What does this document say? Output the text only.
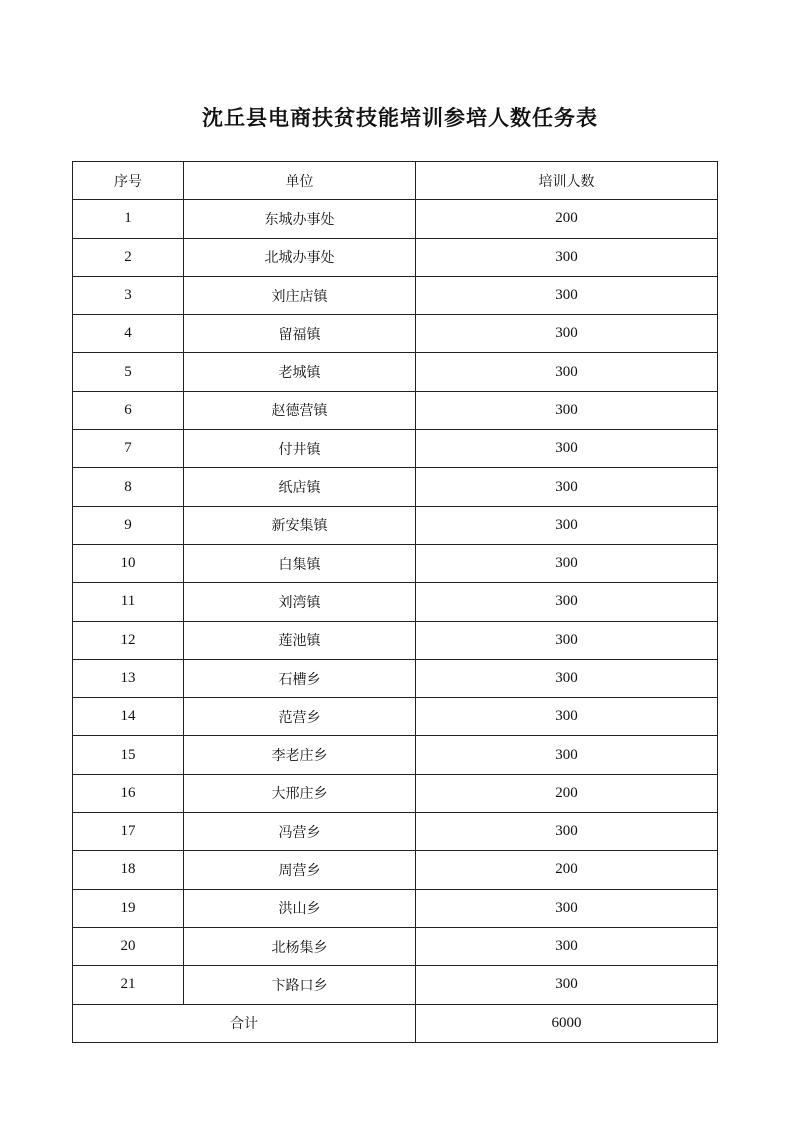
沈丘县电商扶贫技能培训参培人数任务表
序号	单位	培训人数
1	东城办事处	200
2	北城办事处	300
3	刘庄店镇	300
4	留福镇	300
5	老城镇	300
6	赵德营镇	300
7	付井镇	300
8	纸店镇	300
9	新安集镇	300
10	白集镇	300
11	刘湾镇	300
12	莲池镇	300
13	石槽乡	300
14	范营乡	300
15	李老庄乡	300
16	大邢庄乡	200
17	冯营乡	300
18	周营乡	200
19	洪山乡	300
20	北杨集乡	300
21	卞路口乡	300
合计		6000
